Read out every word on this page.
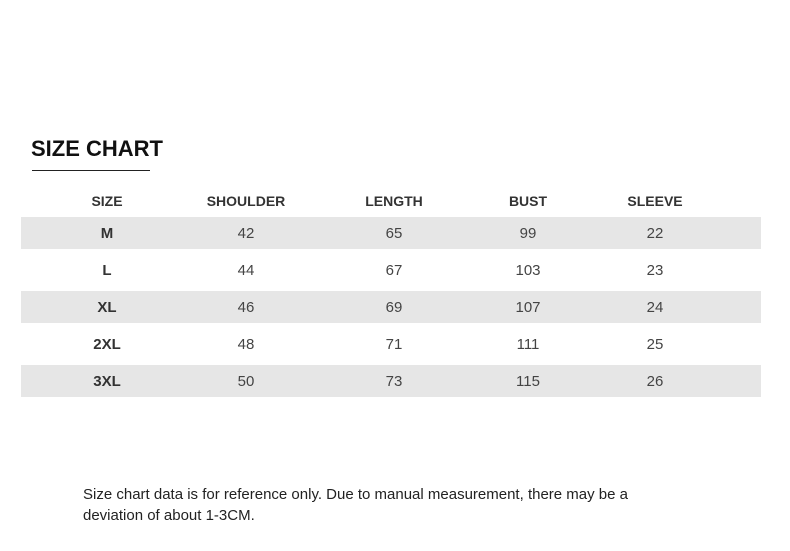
SIZE CHART
SIZE	SHOULDER	LENGTH	BUST	SLEEVE
M	42	65	99	22
L	44	67	103	23
XL	46	69	107	24
2XL	48	71	111	25
3XL	50	73	115	26
Size chart data is for reference only. Due to manual measurement, there may be a deviation of about 1-3CM.
